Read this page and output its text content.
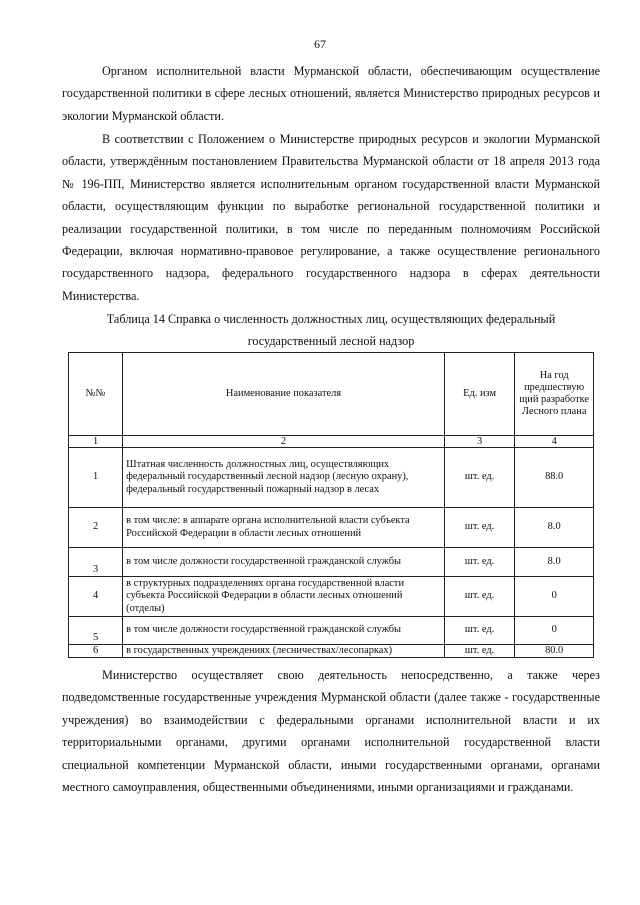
67

Органом исполнительной власти Мурманской области, обеспечивающим осуществление государственной политики в сфере лесных отношений, является Министерство природных ресурсов и экологии Мурманской области.

В соответствии с Положением о Министерстве природных ресурсов и экологии Мурманской области, утверждённым постановлением Правительства Мурманской области от 18 апреля 2013 года № 196-ПП, Министерство является исполнительным органом государственной власти Мурманской области, осуществляющим функции по выработке региональной государственной политики и реализации государственной политики, в том числе по переданным полномочиям Российской Федерации, включая нормативно-правовое регулирование, а также осуществление регионального государственного надзора, федерального государственного надзора в сферах деятельности Министерства.

Таблица 14 Справка о численность должностных лиц, осуществляющих федеральный
государственный лесной надзор
№№	Наименование показателя	Ед. изм	На год предшествую щий разработке Лесного плана
1	2	3	4
1	Штатная численность должностных лиц, осуществляющих федеральный государственный лесной надзор (лесную охрану), федеральный государственный пожарный надзор в лесах	шт. ед.	88.0
2	в том числе: в аппарате органа исполнительной власти субъекта Российской Федерации в области лесных отношений	шт. ед.	8.0
3	в том числе должности государственной гражданской службы	шт. ед.	8.0
4	в структурных подразделениях органа государственной власти субъекта Российской Федерации в области лесных отношений (отделы)	шт. ед.	0
5	в том числе должности государственной гражданской службы	шт. ед.	0
6	в государственных учреждениях (лесничествах/лесопарках)	шт. ед.	80.0

Министерство осуществляет свою деятельность непосредственно, а также через подведомственные государственные учреждения Мурманской области (далее также - государственные учреждения) во взаимодействии с федеральными органами исполнительной власти и их территориальными органами, другими органами исполнительной государственной власти специальной компетенции Мурманской области, иными государственными органами, органами местного самоуправления, общественными объединениями, иными организациями и гражданами.
